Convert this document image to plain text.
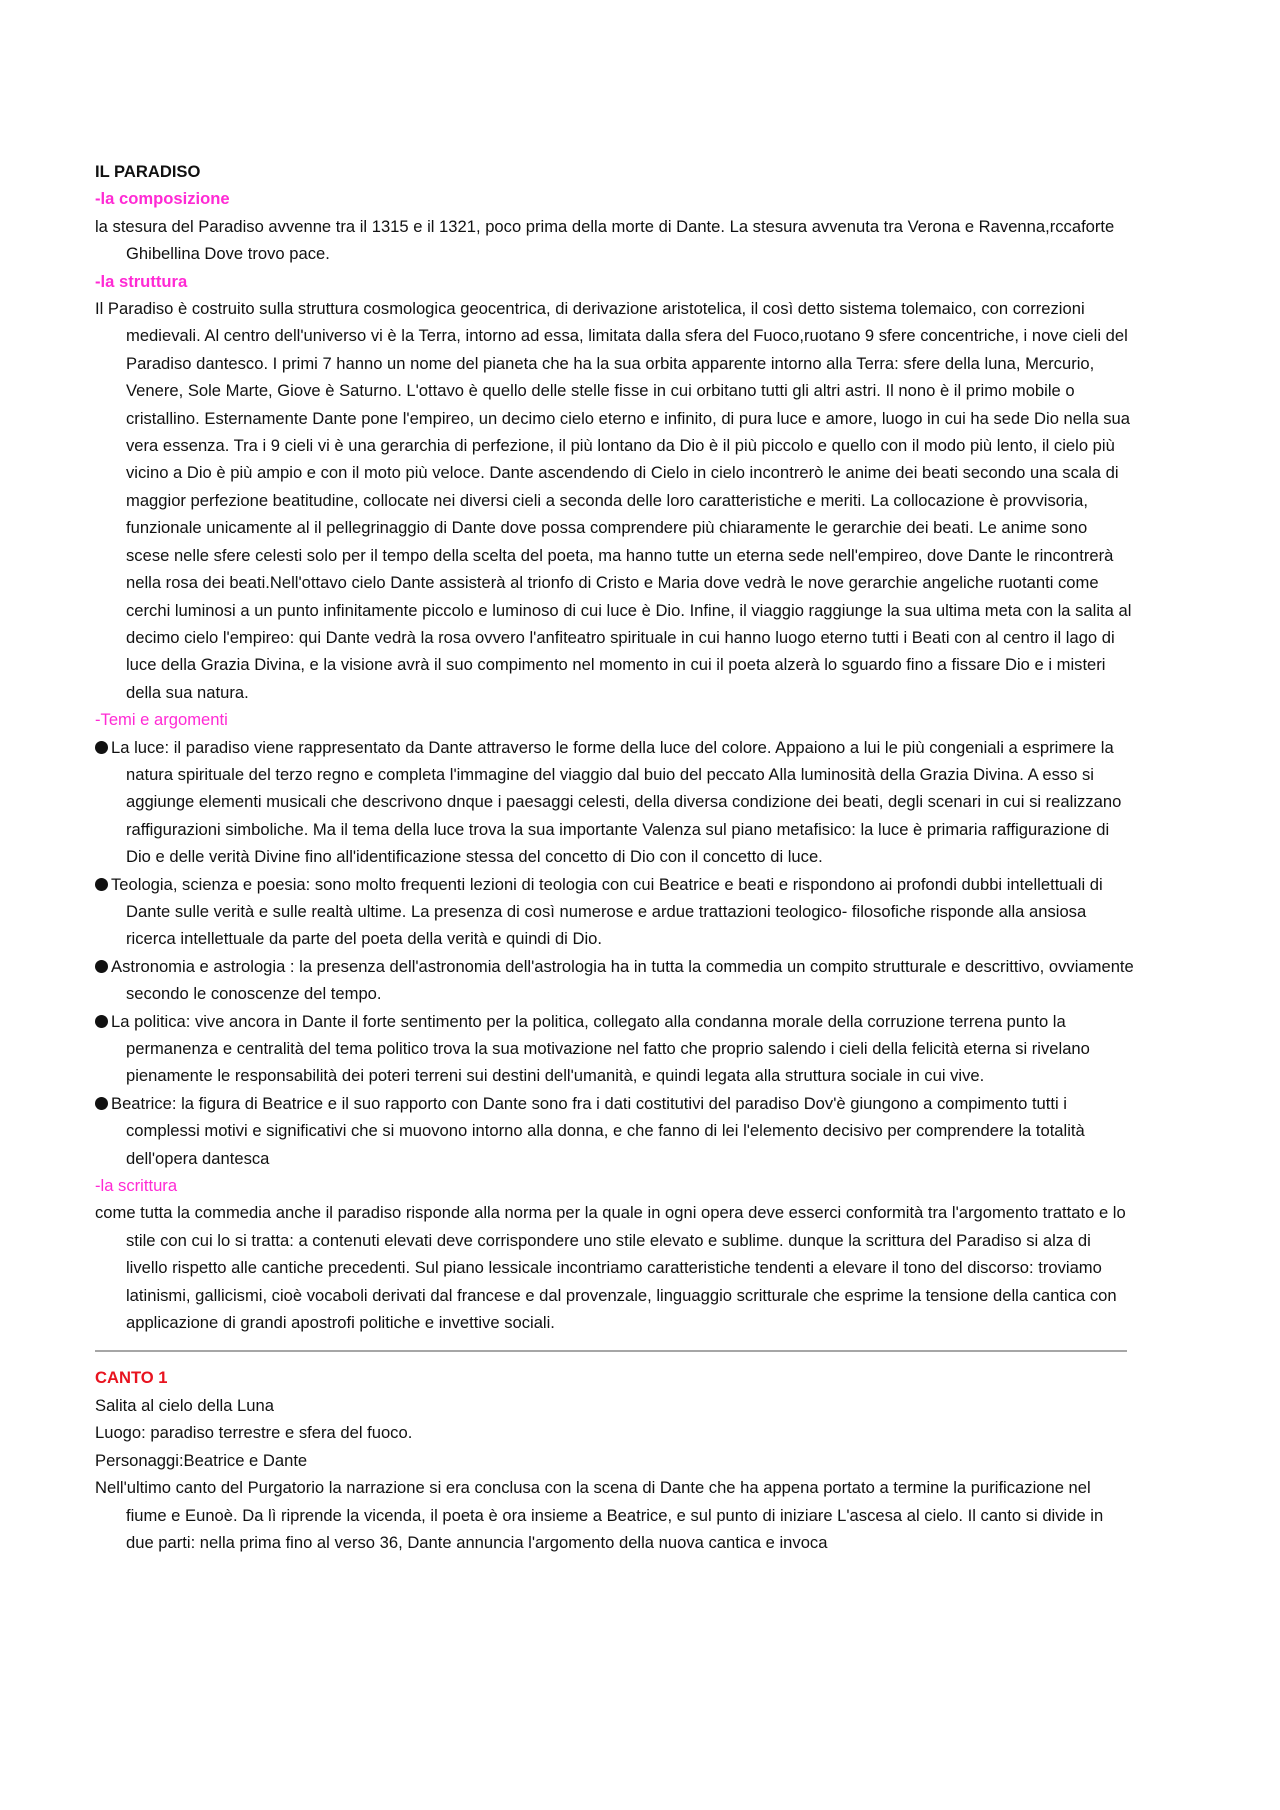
IL PARADISO

-la composizione

la stesura del Paradiso avvenne tra il 1315 e il 1321, poco prima della morte di Dante. La stesura avvenuta tra Verona e Ravenna,rccaforte Ghibellina Dove trovo pace.

-la struttura

Il Paradiso è costruito sulla struttura cosmologica geocentrica, di derivazione aristotelica, il così detto sistema tolemaico, con correzioni medievali. Al centro dell'universo vi è la Terra, intorno ad essa, limitata dalla sfera del Fuoco,ruotano 9 sfere concentriche, i nove cieli del Paradiso dantesco. I primi 7 hanno un nome del pianeta che ha la sua orbita apparente intorno alla Terra: sfere della luna, Mercurio, Venere, Sole Marte, Giove è Saturno. L'ottavo è quello delle stelle fisse in cui orbitano tutti gli altri astri. Il nono è il primo mobile o cristallino. Esternamente Dante pone l'empireo, un decimo cielo eterno e infinito, di pura luce e amore, luogo in cui ha sede Dio nella sua vera essenza. Tra i 9 cieli vi è una gerarchia di perfezione, il più lontano da Dio è il più piccolo e quello con il modo più lento, il cielo più vicino a Dio è più ampio e con il moto più veloce. Dante ascendendo di Cielo in cielo incontrerò le anime dei beati secondo una scala di maggior perfezione beatitudine, collocate nei diversi cieli a seconda delle loro caratteristiche e meriti. La collocazione è provvisoria, funzionale unicamente al il pellegrinaggio di Dante dove possa comprendere più chiaramente le gerarchie dei beati. Le anime sono scese nelle sfere celesti solo per il tempo della scelta del poeta, ma hanno tutte un eterna sede nell'empireo, dove Dante le rincontrerà nella rosa dei beati.Nell'ottavo cielo Dante assisterà al trionfo di Cristo e Maria dove vedrà le nove gerarchie angeliche ruotanti come cerchi luminosi a un punto infinitamente piccolo e luminoso di cui luce è Dio. Infine, il viaggio raggiunge la sua ultima meta con la salita al decimo cielo l'empireo: qui Dante vedrà la rosa ovvero l'anfiteatro spirituale in cui hanno luogo eterno tutti i Beati con al centro il lago di luce della Grazia Divina, e la visione avrà il suo compimento nel momento in cui il poeta alzerà lo sguardo fino a fissare Dio e i misteri della sua natura.

-Temi e argomenti

La luce: il paradiso viene rappresentato da Dante attraverso le forme della luce del colore. Appaiono a lui le più congeniali a esprimere la natura spirituale del terzo regno e completa l'immagine del viaggio dal buio del peccato Alla luminosità della Grazia Divina. A esso si aggiunge elementi musicali che descrivono dnque i paesaggi celesti, della diversa condizione dei beati, degli scenari in cui si realizzano raffigurazioni simboliche. Ma il tema della luce trova la sua importante Valenza sul piano metafisico: la luce è primaria raffigurazione di Dio e delle verità Divine fino all'identificazione stessa del concetto di Dio con il concetto di luce.

Teologia, scienza e poesia: sono molto frequenti lezioni di teologia con cui Beatrice e beati e rispondono ai profondi dubbi intellettuali di Dante sulle verità e sulle realtà ultime. La presenza di così numerose e ardue trattazioni teologico- filosofiche risponde alla ansiosa ricerca intellettuale da parte del poeta della verità e quindi di Dio.

Astronomia e astrologia : la presenza dell'astronomia dell'astrologia ha in tutta la commedia un compito strutturale e descrittivo, ovviamente secondo le conoscenze del tempo.

La politica: vive ancora in Dante il forte sentimento per la politica, collegato alla condanna morale della corruzione terrena punto la permanenza e centralità del tema politico trova la sua motivazione nel fatto che proprio salendo i cieli della felicità eterna si rivelano pienamente le responsabilità dei poteri terreni sui destini dell'umanità, e quindi legata alla struttura sociale in cui vive.

Beatrice: la figura di Beatrice e il suo rapporto con Dante sono fra i dati costitutivi del paradiso Dov'è giungono a compimento tutti i complessi motivi e significativi che si muovono intorno alla donna, e che fanno di lei l'elemento decisivo per comprendere la totalità dell'opera dantesca

-la scrittura

come tutta la commedia anche il paradiso risponde alla norma per la quale in ogni opera deve esserci conformità tra l'argomento trattato e lo stile con cui lo si tratta: a contenuti elevati deve corrispondere uno stile elevato e sublime. dunque la scrittura del Paradiso si alza di livello rispetto alle cantiche precedenti. Sul piano lessicale incontriamo caratteristiche tendenti a elevare il tono del discorso: troviamo latinismi, gallicismi, cioè vocaboli derivati dal francese e dal provenzale, linguaggio scritturale che esprime la tensione della cantica con applicazione di grandi apostrofi politiche e invettive sociali.

CANTO 1

Salita al cielo della Luna

Luogo: paradiso terrestre e sfera del fuoco.

Personaggi:Beatrice e Dante

Nell'ultimo canto del Purgatorio la narrazione si era conclusa con la scena di Dante che ha appena portato a termine la purificazione nel fiume e Eunoè. Da lì riprende la vicenda, il poeta è ora insieme a Beatrice, e sul punto di iniziare L'ascesa al cielo. Il canto si divide in due parti: nella prima fino al verso 36, Dante annuncia l'argomento della nuova cantica e invoca
